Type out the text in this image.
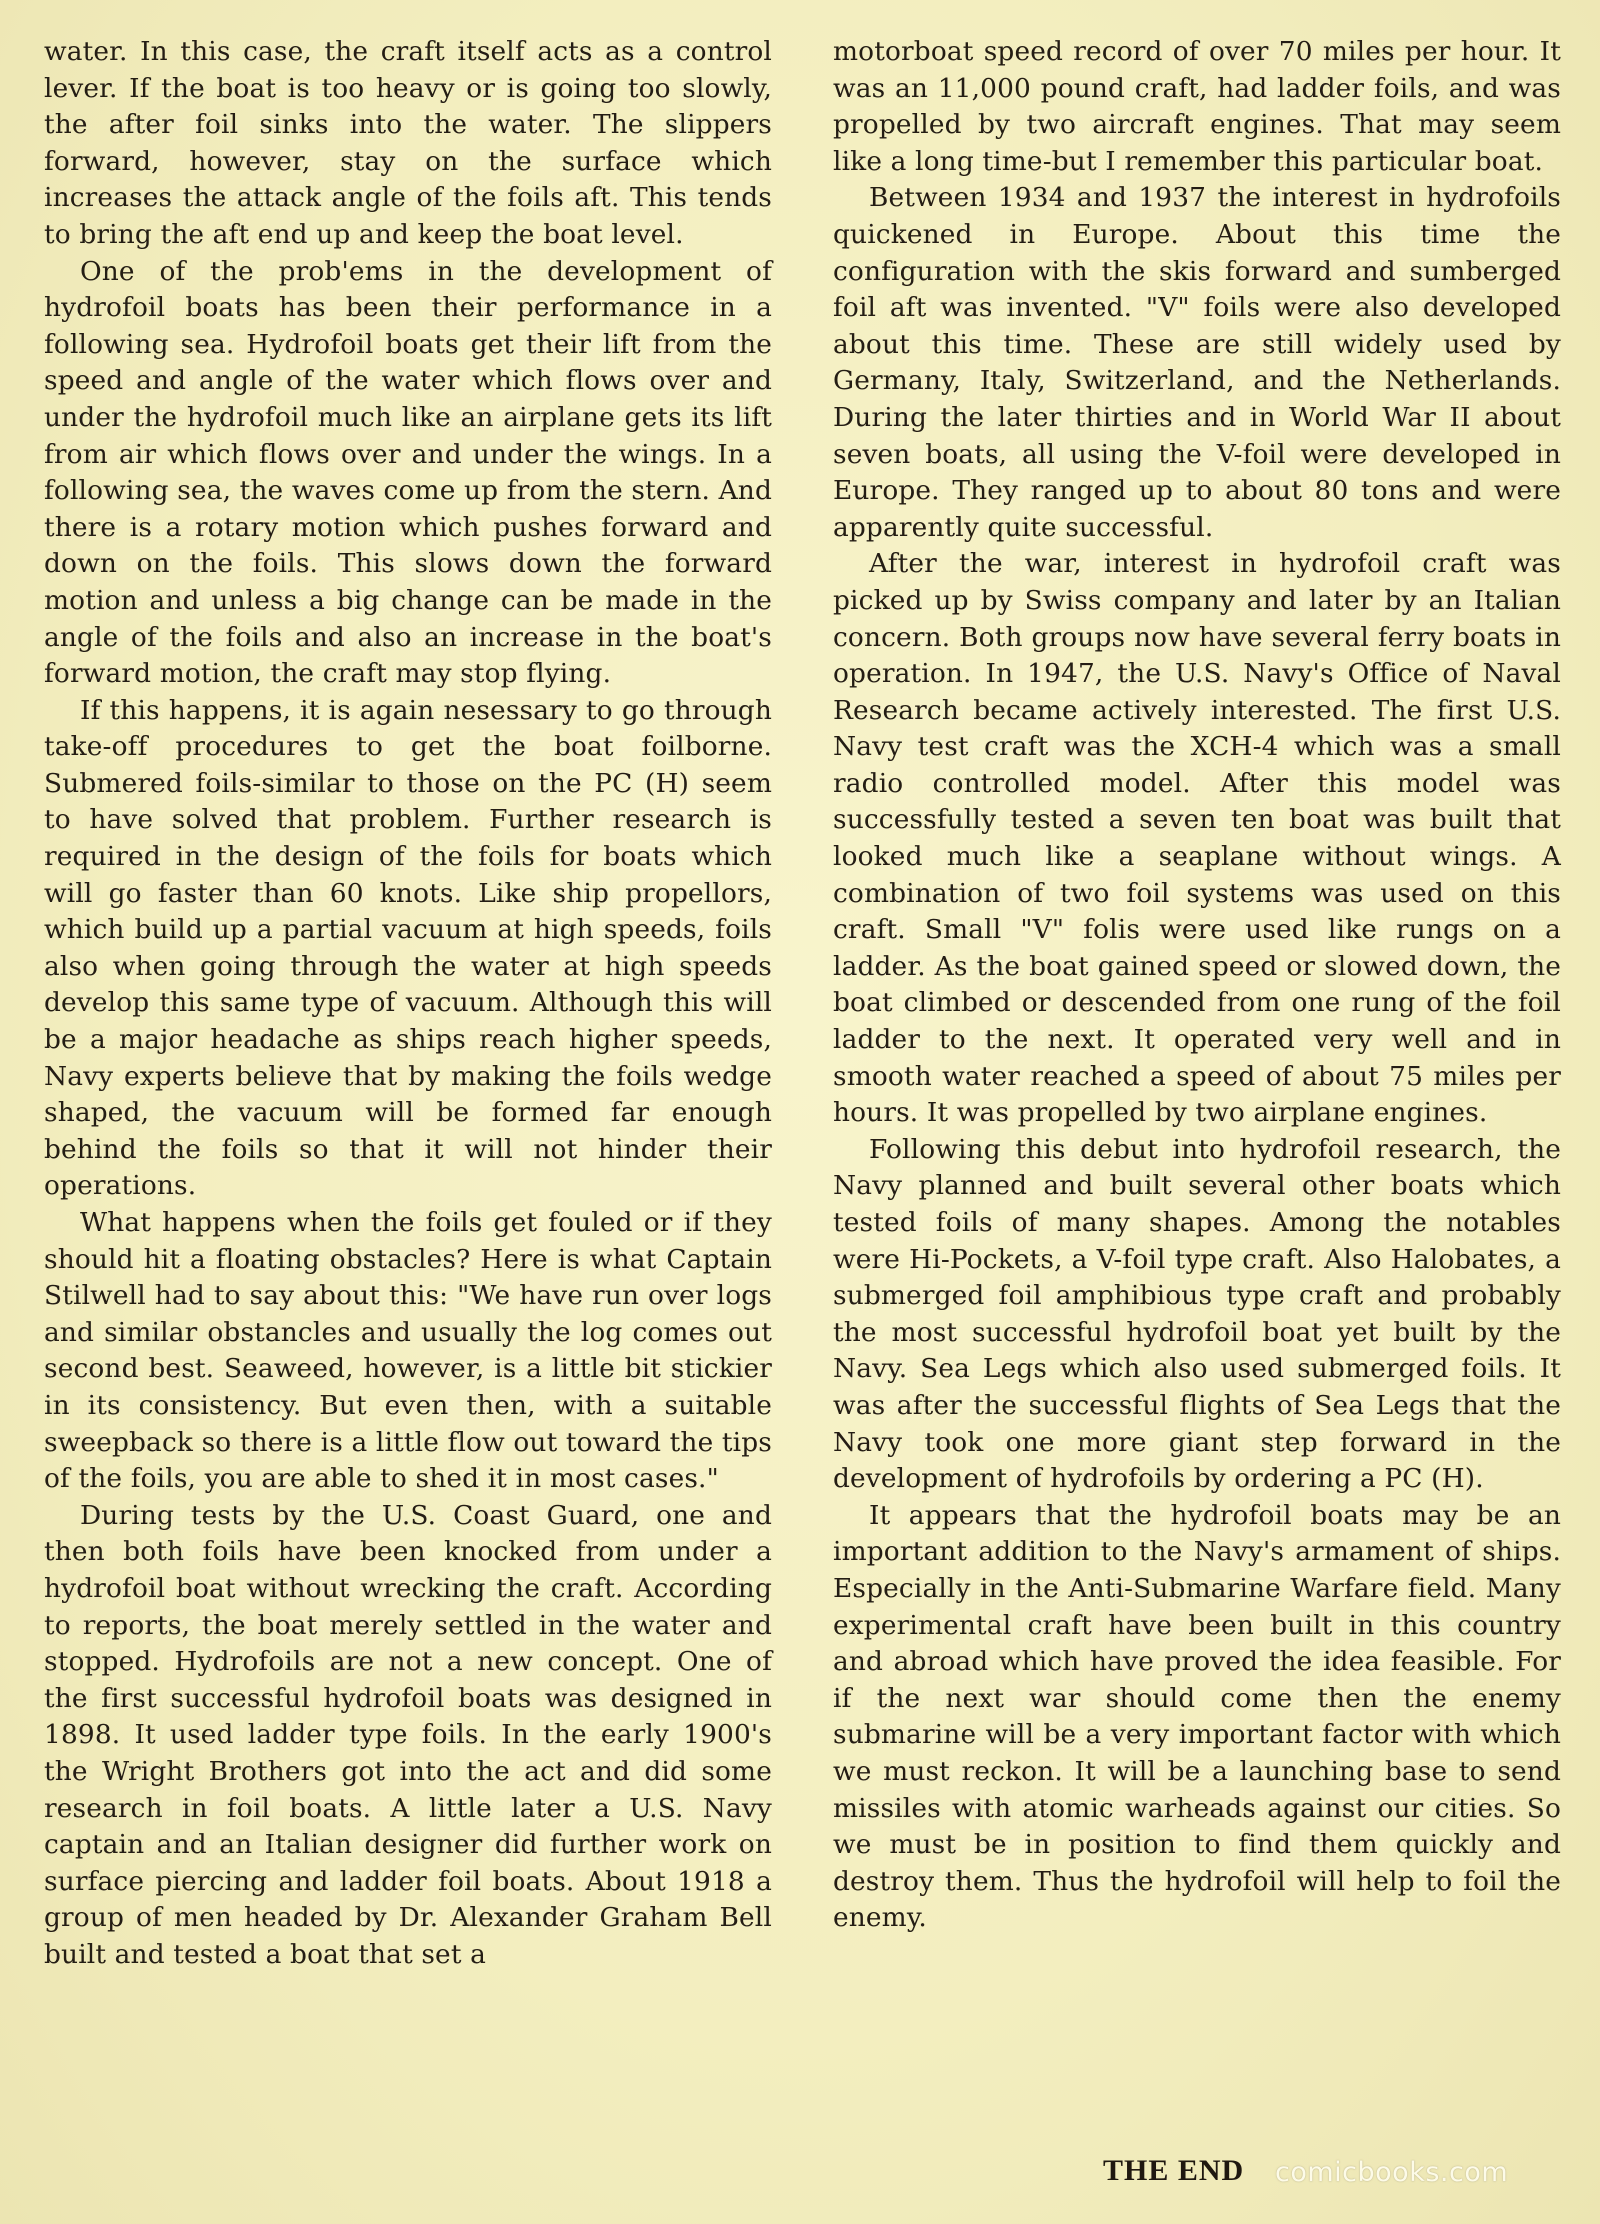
water. In this case, the craft itself acts as a control lever. If the boat is too heavy or is going too slowly, the after foil sinks into the water. The slippers forward, however, stay on the surface which increases the attack angle of the foils aft. This tends to bring the aft end up and keep the boat level.

One of the prob'ems in the development of hydrofoil boats has been their performance in a following sea. Hydrofoil boats get their lift from the speed and angle of the water which flows over and under the hydrofoil much like an airplane gets its lift from air which flows over and under the wings. In a following sea, the waves come up from the stern. And there is a rotary motion which pushes forward and down on the foils. This slows down the forward motion and unless a big change can be made in the angle of the foils and also an increase in the boat's forward motion, the craft may stop flying.

If this happens, it is again nesessary to go through take-off procedures to get the boat foilborne. Submered foils-similar to those on the PC (H) seem to have solved that problem. Further research is required in the design of the foils for boats which will go faster than 60 knots. Like ship propellors, which build up a partial vacuum at high speeds, foils also when going through the water at high speeds develop this same type of vacuum. Although this will be a major headache as ships reach higher speeds, Navy experts believe that by making the foils wedge shaped, the vacuum will be formed far enough behind the foils so that it will not hinder their operations.

What happens when the foils get fouled or if they should hit a floating obstacles? Here is what Captain Stilwell had to say about this: "We have run over logs and similar obstancles and usually the log comes out second best. Seaweed, however, is a little bit stickier in its consistency. But even then, with a suitable sweepback so there is a little flow out toward the tips of the foils, you are able to shed it in most cases."

During tests by the U.S. Coast Guard, one and then both foils have been knocked from under a hydrofoil boat without wrecking the craft. According to reports, the boat merely settled in the water and stopped. Hydrofoils are not a new concept. One of the first successful hydrofoil boats was designed in 1898. It used ladder type foils. In the early 1900's the Wright Brothers got into the act and did some research in foil boats. A little later a U.S. Navy captain and an Italian designer did further work on surface piercing and ladder foil boats. About 1918 a group of men headed by Dr. Alexander Graham Bell built and tested a boat that set a

motorboat speed record of over 70 miles per hour. It was an 11,000 pound craft, had ladder foils, and was propelled by two aircraft engines. That may seem like a long time-but I remember this particular boat.

Between 1934 and 1937 the interest in hydrofoils quickened in Europe. About this time the configuration with the skis forward and sumberged foil aft was invented. "V" foils were also developed about this time. These are still widely used by Germany, Italy, Switzerland, and the Netherlands. During the later thirties and in World War II about seven boats, all using the V-foil were developed in Europe. They ranged up to about 80 tons and were apparently quite successful.

After the war, interest in hydrofoil craft was picked up by Swiss company and later by an Italian concern. Both groups now have several ferry boats in operation. In 1947, the U.S. Navy's Office of Naval Research became actively interested. The first U.S. Navy test craft was the XCH-4 which was a small radio controlled model. After this model was successfully tested a seven ten boat was built that looked much like a seaplane without wings. A combination of two foil systems was used on this craft. Small "V" folis were used like rungs on a ladder. As the boat gained speed or slowed down, the boat climbed or descended from one rung of the foil ladder to the next. It operated very well and in smooth water reached a speed of about 75 miles per hours. It was propelled by two airplane engines.

Following this debut into hydrofoil research, the Navy planned and built several other boats which tested foils of many shapes. Among the notables were Hi-Pockets, a V-foil type craft. Also Halobates, a submerged foil amphibious type craft and probably the most successful hydrofoil boat yet built by the Navy. Sea Legs which also used submerged foils. It was after the successful flights of Sea Legs that the Navy took one more giant step forward in the development of hydrofoils by ordering a PC (H).

It appears that the hydrofoil boats may be an important addition to the Navy's armament of ships. Especially in the Anti-Submarine Warfare field. Many experimental craft have been built in this country and abroad which have proved the idea feasible. For if the next war should come then the enemy submarine will be a very important factor with which we must reckon. It will be a launching base to send missiles with atomic warheads against our cities. So we must be in position to find them quickly and destroy them. Thus the hydrofoil will help to foil the enemy.

THE END comicbooks.com
